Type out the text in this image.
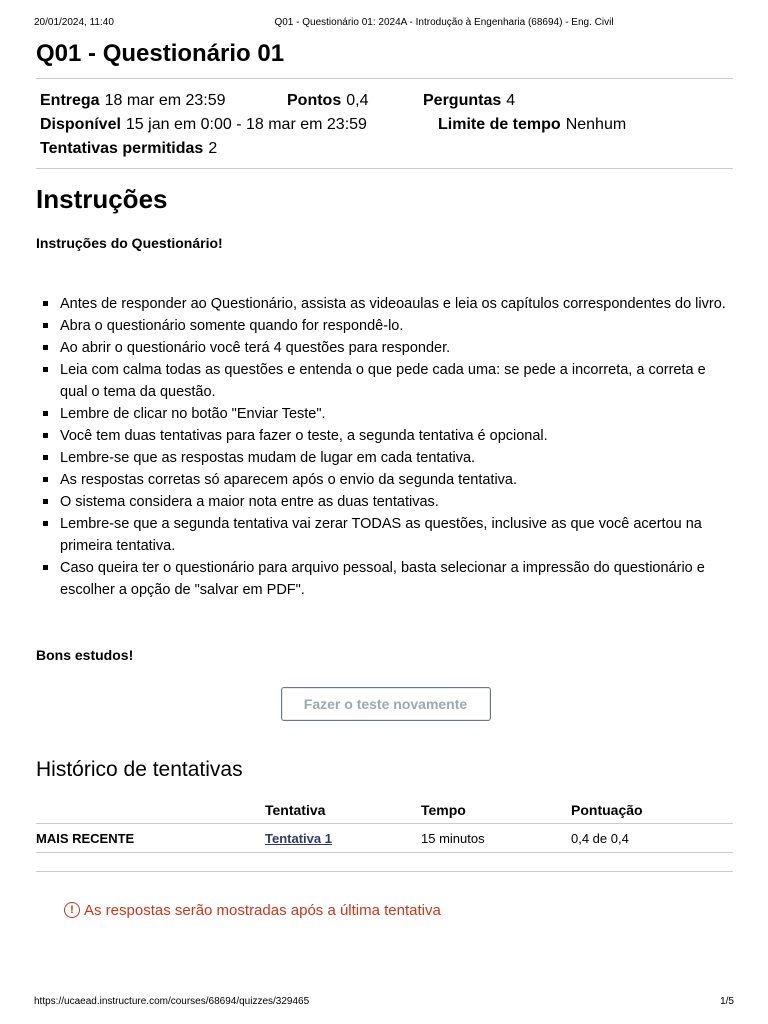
20/01/2024, 11:40	Q01 - Questionário 01: 2024A - Introdução à Engenharia (68694) - Eng. Civil
Q01 - Questionário 01
Entrega 18 mar em 23:59	Pontos 0,4	Perguntas 4
Disponível 15 jan em 0:00 - 18 mar em 23:59	Limite de tempo Nenhum
Tentativas permitidas 2
Instruções
Instruções do Questionário!
Antes de responder ao Questionário, assista as videoaulas e leia os capítulos correspondentes do livro.
Abra o questionário somente quando for respondê-lo.
Ao abrir o questionário você terá 4 questões para responder.
Leia com calma todas as questões e entenda o que pede cada uma: se pede a incorreta, a correta e qual o tema da questão.
Lembre de clicar no botão "Enviar Teste".
Você tem duas tentativas para fazer o teste, a segunda tentativa é opcional.
Lembre-se que as respostas mudam de lugar em cada tentativa.
As respostas corretas só aparecem após o envio da segunda tentativa.
O sistema considera a maior nota entre as duas tentativas.
Lembre-se que a segunda tentativa vai zerar TODAS as questões, inclusive as que você acertou na primeira tentativa.
Caso queira ter o questionário para arquivo pessoal, basta selecionar a impressão do questionário e escolher a opção de "salvar em PDF".
Bons estudos!
Fazer o teste novamente
Histórico de tentativas
	Tentativa	Tempo	Pontuação
MAIS RECENTE	Tentativa 1	15 minutos	0,4 de 0,4
! As respostas serão mostradas após a última tentativa
https://ucaead.instructure.com/courses/68694/quizzes/329465	1/5
